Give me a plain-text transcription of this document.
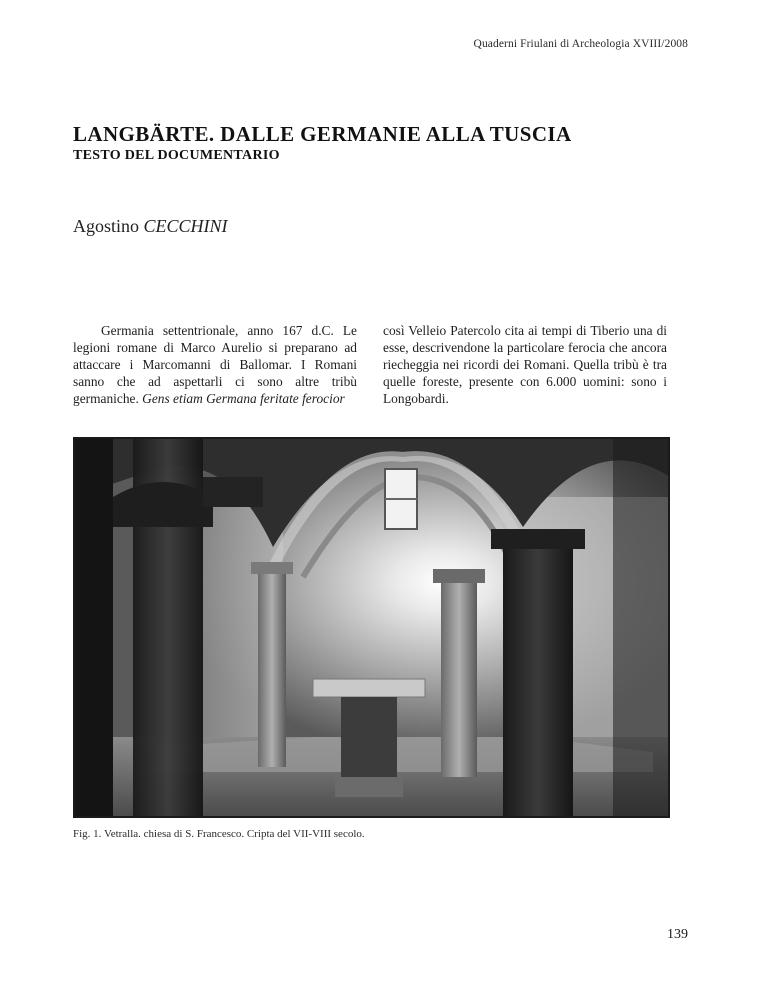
Quaderni Friulani di Archeologia XVIII/2008
LANGBÄRTE. DALLE GERMANIE ALLA TUSCIA
TESTO DEL DOCUMENTARIO
Agostino CECCHINI
Germania settentrionale, anno 167 d.C. Le legioni romane di Marco Aurelio si preparano ad attaccare i Marcomanni di Ballomar. I Romani sanno che ad aspettarli ci sono altre tribù germaniche. Gens etiam Germana feritate ferocior
così Velleio Patercolo cita ai tempi di Tiberio una di esse, descrivendone la particolare ferocia che ancora riecheggia nei ricordi dei Romani. Quella tribù è tra quelle foreste, presente con 6.000 uomini: sono i Longobardi.
Fig. 1. Vetralla. chiesa di S. Francesco. Cripta del VII-VIII secolo.
139
